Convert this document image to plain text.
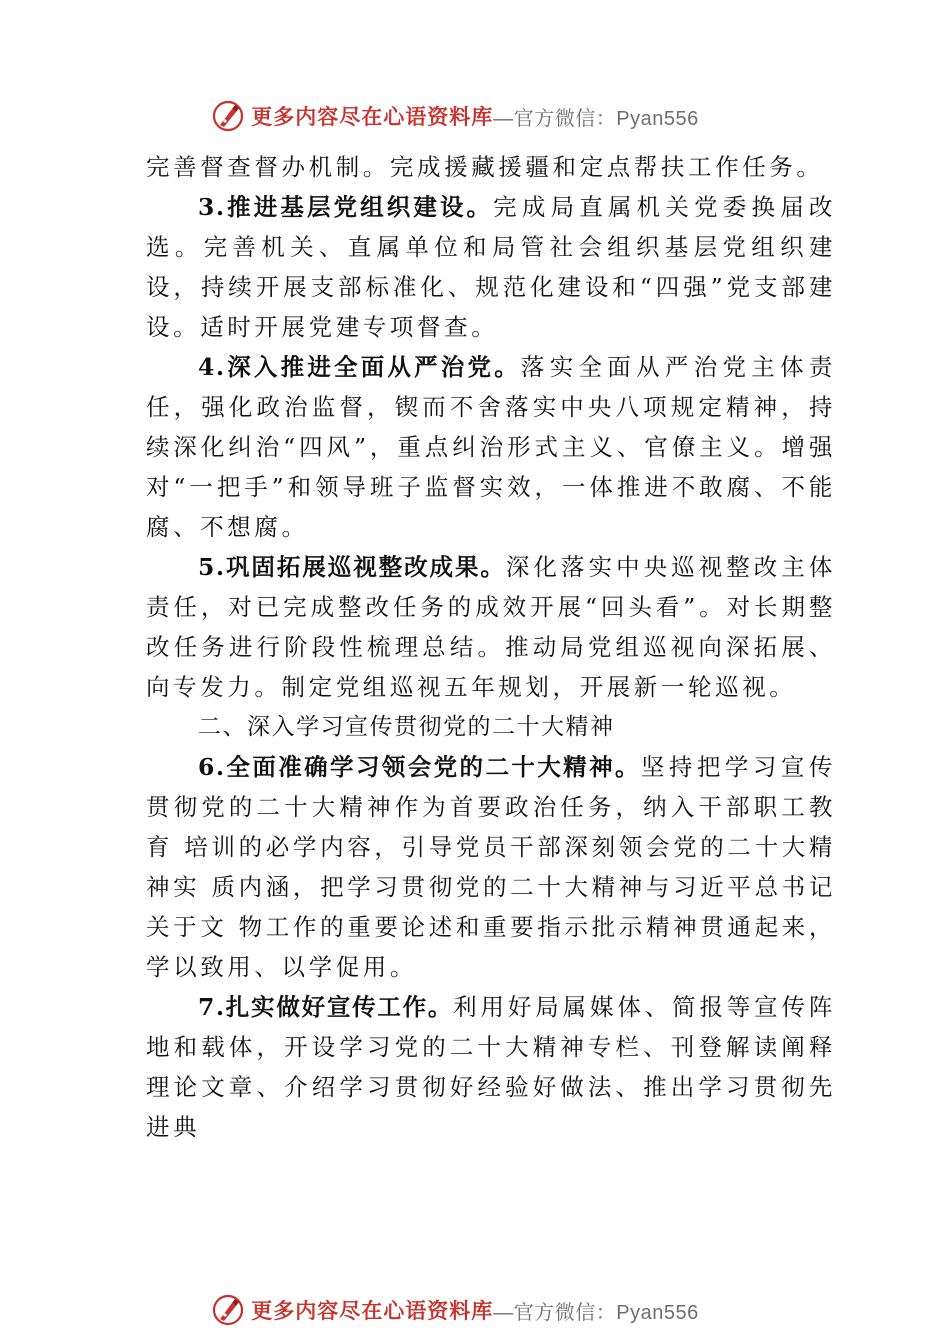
更多内容尽在心语资料库 —官方微信：Pyan556

完善督查督办机制。完成援藏援疆和定点帮扶工作任务。

3.推进基层党组织建设。完成局直属机关党委换届改选。完善机关、直属单位和局管社会组织基层党组织建设，持续开展支部标准化、规范化建设和“四强”党支部建设。适时开展党建专项督查。

4.深入推进全面从严治党。落实全面从严治党主体责任，强化政治监督，锲而不舍落实中央八项规定精神，持续深化纠治“四风”，重点纠治形式主义、官僚主义。增强对“一把手”和领导班子监督实效，一体推进不敢腐、不能腐、不想腐。

5.巩固拓展巡视整改成果。深化落实中央巡视整改主体责任，对已完成整改任务的成效开展“回头看”。对长期整改任务进行阶段性梳理总结。推动局党组巡视向深拓展、向专发力。制定党组巡视五年规划，开展新一轮巡视。

二、深入学习宣传贯彻党的二十大精神

6.全面准确学习领会党的二十大精神。坚持把学习宣传贯彻党的二十大精神作为首要政治任务，纳入干部职工教育 培训的必学内容，引导党员干部深刻领会党的二十大精神实 质内涵，把学习贯彻党的二十大精神与习近平总书记关于文 物工作的重要论述和重要指示批示精神贯通起来，学以致用、以学促用。

7.扎实做好宣传工作。利用好局属媒体、简报等宣传阵地和载体，开设学习党的二十大精神专栏、刊登解读阐释理论文章、介绍学习贯彻好经验好做法、推出学习贯彻先进典

更多内容尽在心语资料库 —官方微信：Pyan556
